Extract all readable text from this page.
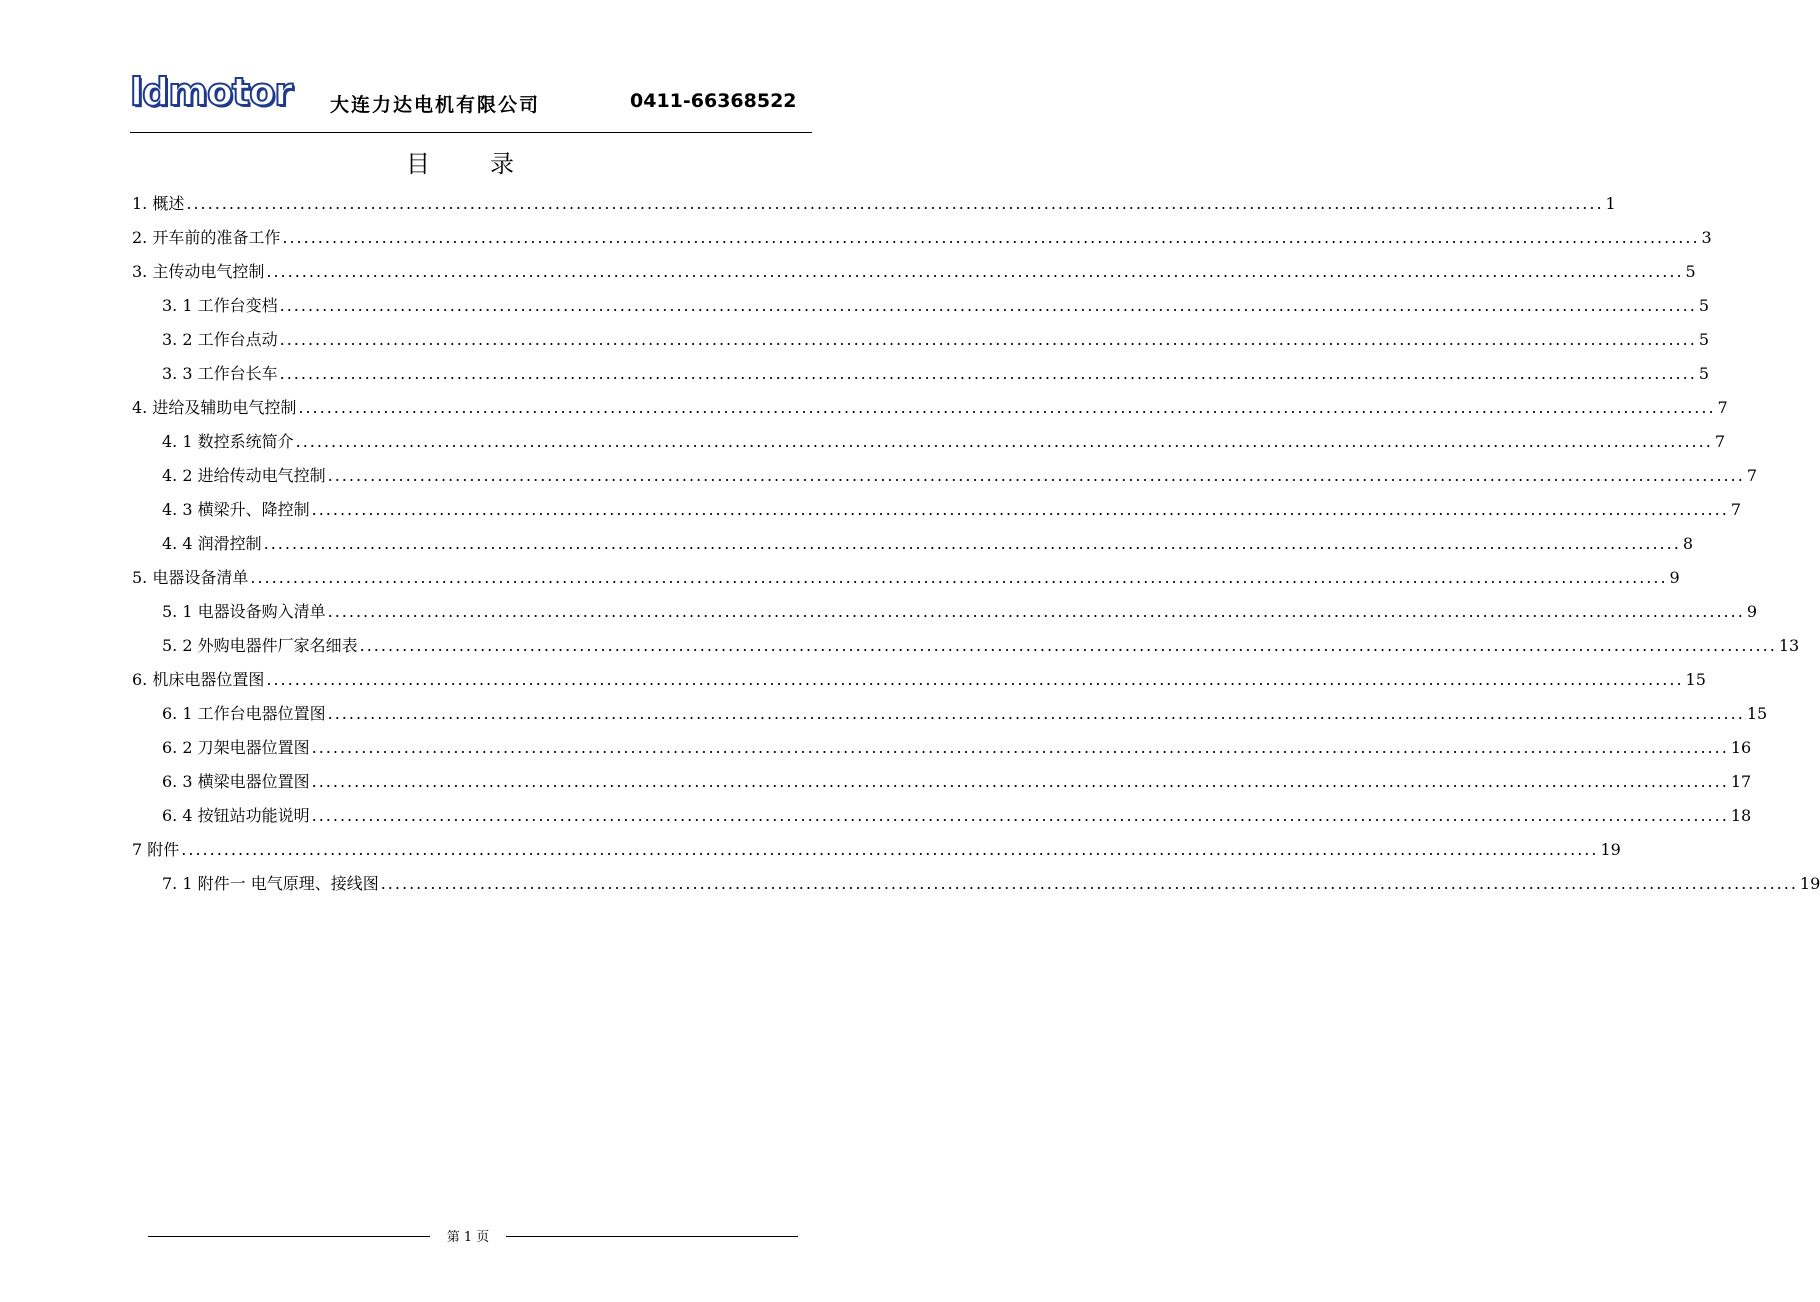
ldmotor 大连力达电机有限公司	0411-66368522
目录
1. 概述 ........................................................................................................................................................................................................ 1
2. 开车前的准备工作 ........................................................................................................................................................................................................ 3
3. 主传动电气控制 ........................................................................................................................................................................................................ 5
3. 1 工作台变档 ........................................................................................................................................................................................................ 5
3. 2 工作台点动 ........................................................................................................................................................................................................ 5
3. 3 工作台长车 ........................................................................................................................................................................................................ 5
4. 进给及辅助电气控制 ........................................................................................................................................................................................................ 7
4. 1 数控系统简介 ........................................................................................................................................................................................................ 7
4. 2 进给传动电气控制 ........................................................................................................................................................................................................ 7
4. 3 横梁升、降控制 ........................................................................................................................................................................................................ 7
4. 4 润滑控制 ........................................................................................................................................................................................................ 8
5. 电器设备清单 ........................................................................................................................................................................................................ 9
5. 1 电器设备购入清单 ........................................................................................................................................................................................................ 9
5. 2 外购电器件厂家名细表 ........................................................................................................................................................................................................ 13
6. 机床电器位置图 ........................................................................................................................................................................................................ 15
6. 1 工作台电器位置图 ........................................................................................................................................................................................................ 15
6. 2 刀架电器位置图 ........................................................................................................................................................................................................ 16
6. 3 横梁电器位置图 ........................................................................................................................................................................................................ 17
6. 4 按钮站功能说明 ........................................................................................................................................................................................................ 18
7 附件 ........................................................................................................................................................................................................ 19
7. 1 附件一 电气原理、接线图 ........................................................................................................................................................................................................ 19
第 1 页
